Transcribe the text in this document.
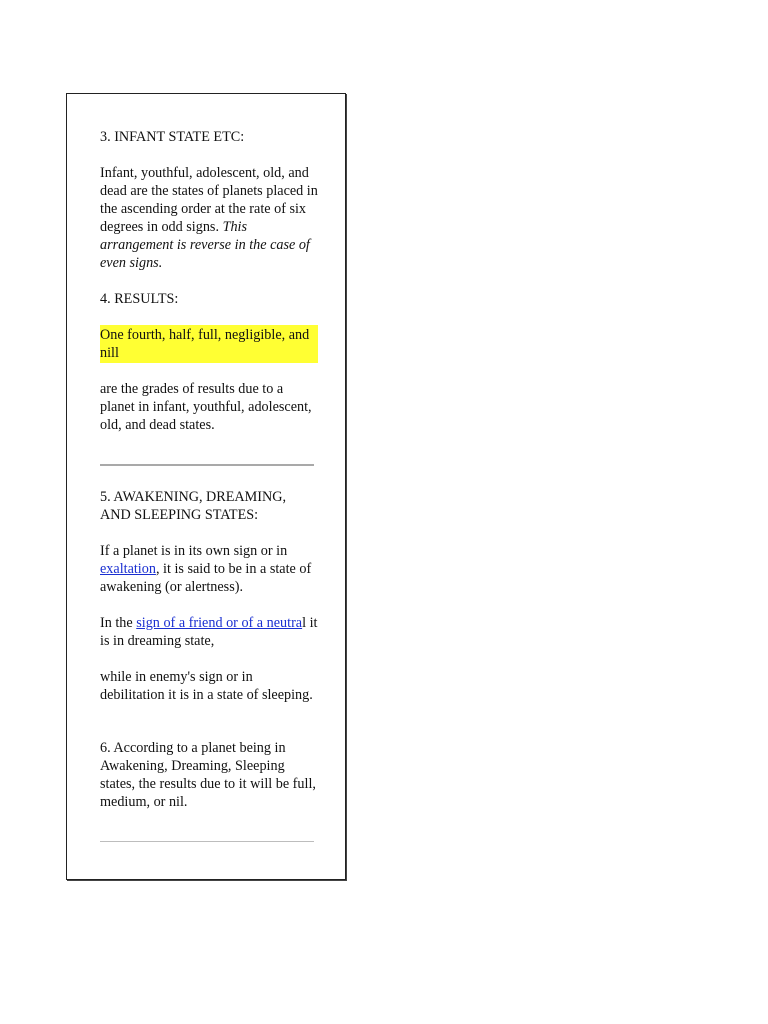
3. INFANT STATE ETC:

Infant, youthful, adolescent, old, and dead are the states of planets placed in the ascending order at the rate of six degrees in odd signs. This arrangement is reverse in the case of even signs.

4. RESULTS:

One fourth, half, full, negligible, and nill

are the grades of results due to a planet in infant, youthful, adolescent, old, and dead states.

5. AWAKENING, DREAMING, AND SLEEPING STATES:

If a planet is in its own sign or in exaltation, it is said to be in a state of awakening (or alertness).

In the sign of a friend or of a neutral it is in dreaming state,

while in enemy's sign or in debilitation it is in a state of sleeping.

6. According to a planet being in Awakening, Dreaming, Sleeping states, the results due to it will be full, medium, or nil.
